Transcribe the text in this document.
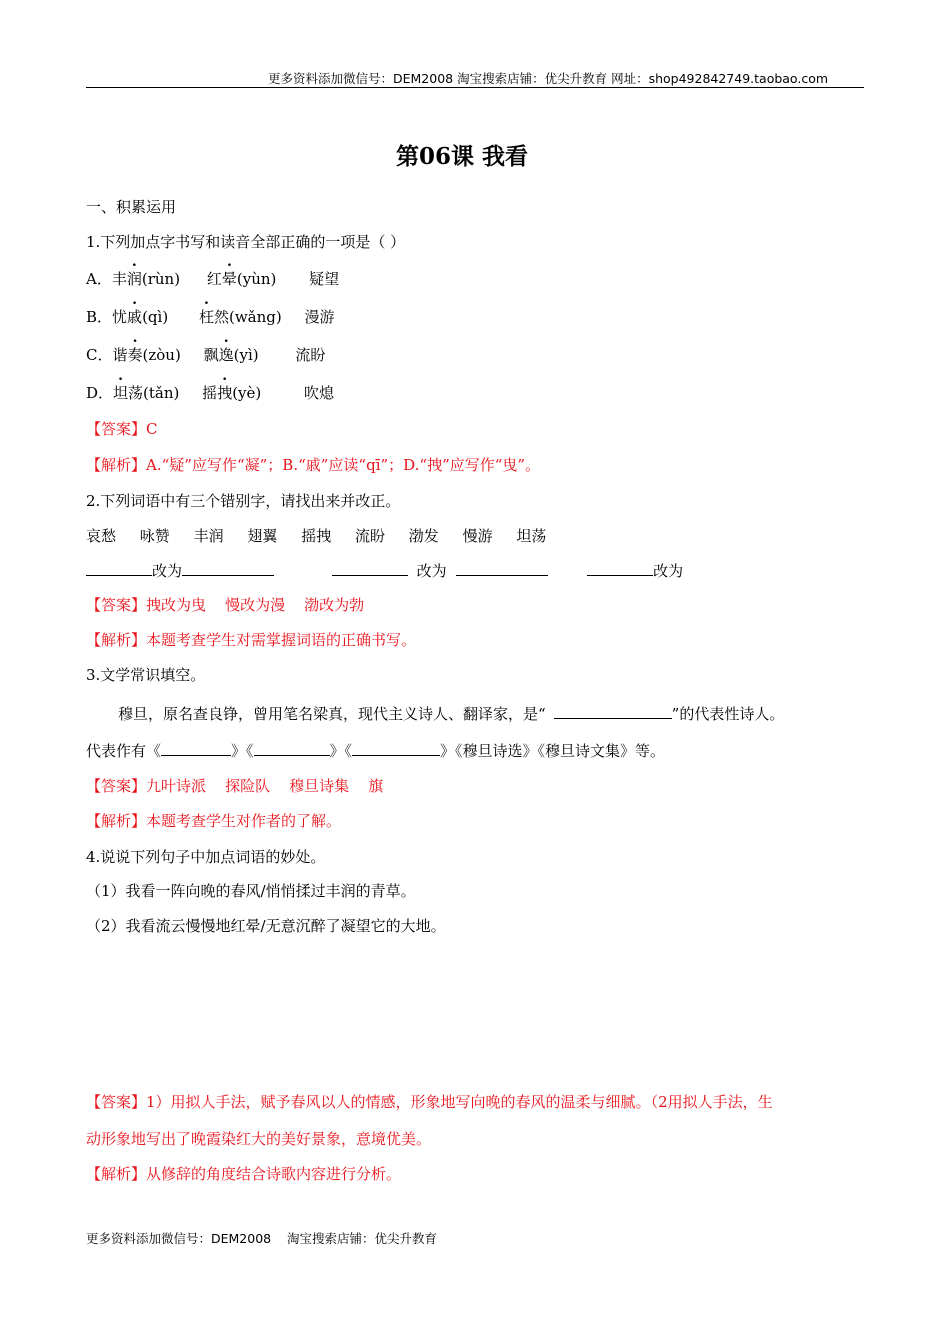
更多资料添加微信号：DEM2008 淘宝搜索店铺：优尖升教育 网址：shop492842749.taobao.com
第06课 我看
一、积累运用
1.下列加点字书写和读音全部正确的一项是（ ）
A．丰润(rùn) 红晕(yùn) 疑望
B．忧戚(qì) 枉然(wǎng) 漫游
C．谐奏(zòu) 飘逸(yì) 流盼
D．坦荡(tǎn) 摇拽(yè)	吹熄
【答案】C
【解析】A.“疑”应写作“凝”；B.“戚”应读“qī”；D.“拽”应写作“曳”。
2.下列词语中有三个错别字，请找出来并改正。
哀愁 咏赞 丰润 翅翼 摇拽 流盼 渤发 慢游 坦荡
改为	改为	改为
【答案】拽改为曳    慢改为漫    渤改为勃
【解析】本题考查学生对需掌握词语的正确书写。
3.文学常识填空。
穆旦，原名查良铮，曾用笔名梁真，现代主义诗人、翻译家，是“	”的代表性诗人。
代表作有《	》《	》《	》《穆旦诗选》《穆旦诗文集》等。
【答案】九叶诗派    探险队    穆旦诗集    旗
【解析】本题考查学生对作者的了解。
4.说说下列句子中加点词语的妙处。
（1）我看一阵向晚的春风/悄悄揉过丰润的青草。
（2）我看流云慢慢地红晕/无意沉醉了凝望它的大地。
【答案】1）用拟人手法，赋予春风以人的情感，形象地写向晚的春风的温柔与细腻。（2用拟人手法，生
动形象地写出了晚霞染红大的美好景象，意境优美。
【解析】从修辞的角度结合诗歌内容进行分析。
更多资料添加微信号：DEM2008    淘宝搜索店铺：优尖升教育
